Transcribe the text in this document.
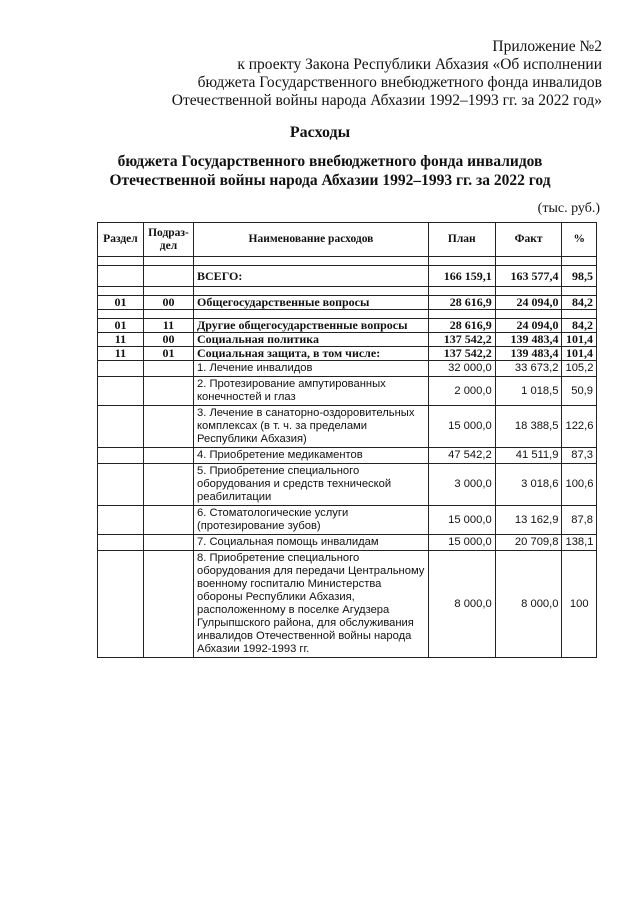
Приложение №2
к проекту Закона Республики Абхазия «Об исполнении
бюджета Государственного внебюджетного фонда инвалидов
Отечественной войны народа Абхазии 1992–1993 гг. за 2022 год»
Расходы
бюджета Государственного внебюджетного фонда инвалидов
Отечественной войны народа Абхазии 1992–1993 гг. за 2022 год
(тыс. руб.)
Раздел	Подраз-дел	Наименование расходов	План	Факт	%

		ВСЕГО:	166 159,1	163 577,4	98,5

01	00	Общегосударственные вопросы	28 616,9	24 094,0	84,2

01	11	Другие общегосударственные вопросы	28 616,9	24 094,0	84,2
11	00	Социальная политика	137 542,2	139 483,4	101,4
11	01	Социальная защита, в том числе:	137 542,2	139 483,4	101,4
		1. Лечение инвалидов	32 000,0	33 673,2	105,2
		2. Протезирование ампутированных конечностей и глаз	2 000,0	1 018,5	50,9
		3. Лечение в санаторно-оздоровительных комплексах (в т. ч. за пределами Республики Абхазия)	15 000,0	18 388,5	122,6
		4. Приобретение медикаментов	47 542,2	41 511,9	87,3
		5. Приобретение специального оборудования и средств технической реабилитации	3 000,0	3 018,6	100,6
		6. Стоматологические услуги (протезирование зубов)	15 000,0	13 162,9	87,8
		7. Социальная помощь инвалидам	15 000,0	20 709,8	138,1
		8. Приобретение специального оборудования для передачи Центральному военному госпиталю Министерства обороны Республики Абхазия, расположенному в поселке Агудзера Гулрыпшского района, для обслуживания инвалидов Отечественной войны народа Абхазии 1992-1993 гг.	8 000,0	8 000,0	100
